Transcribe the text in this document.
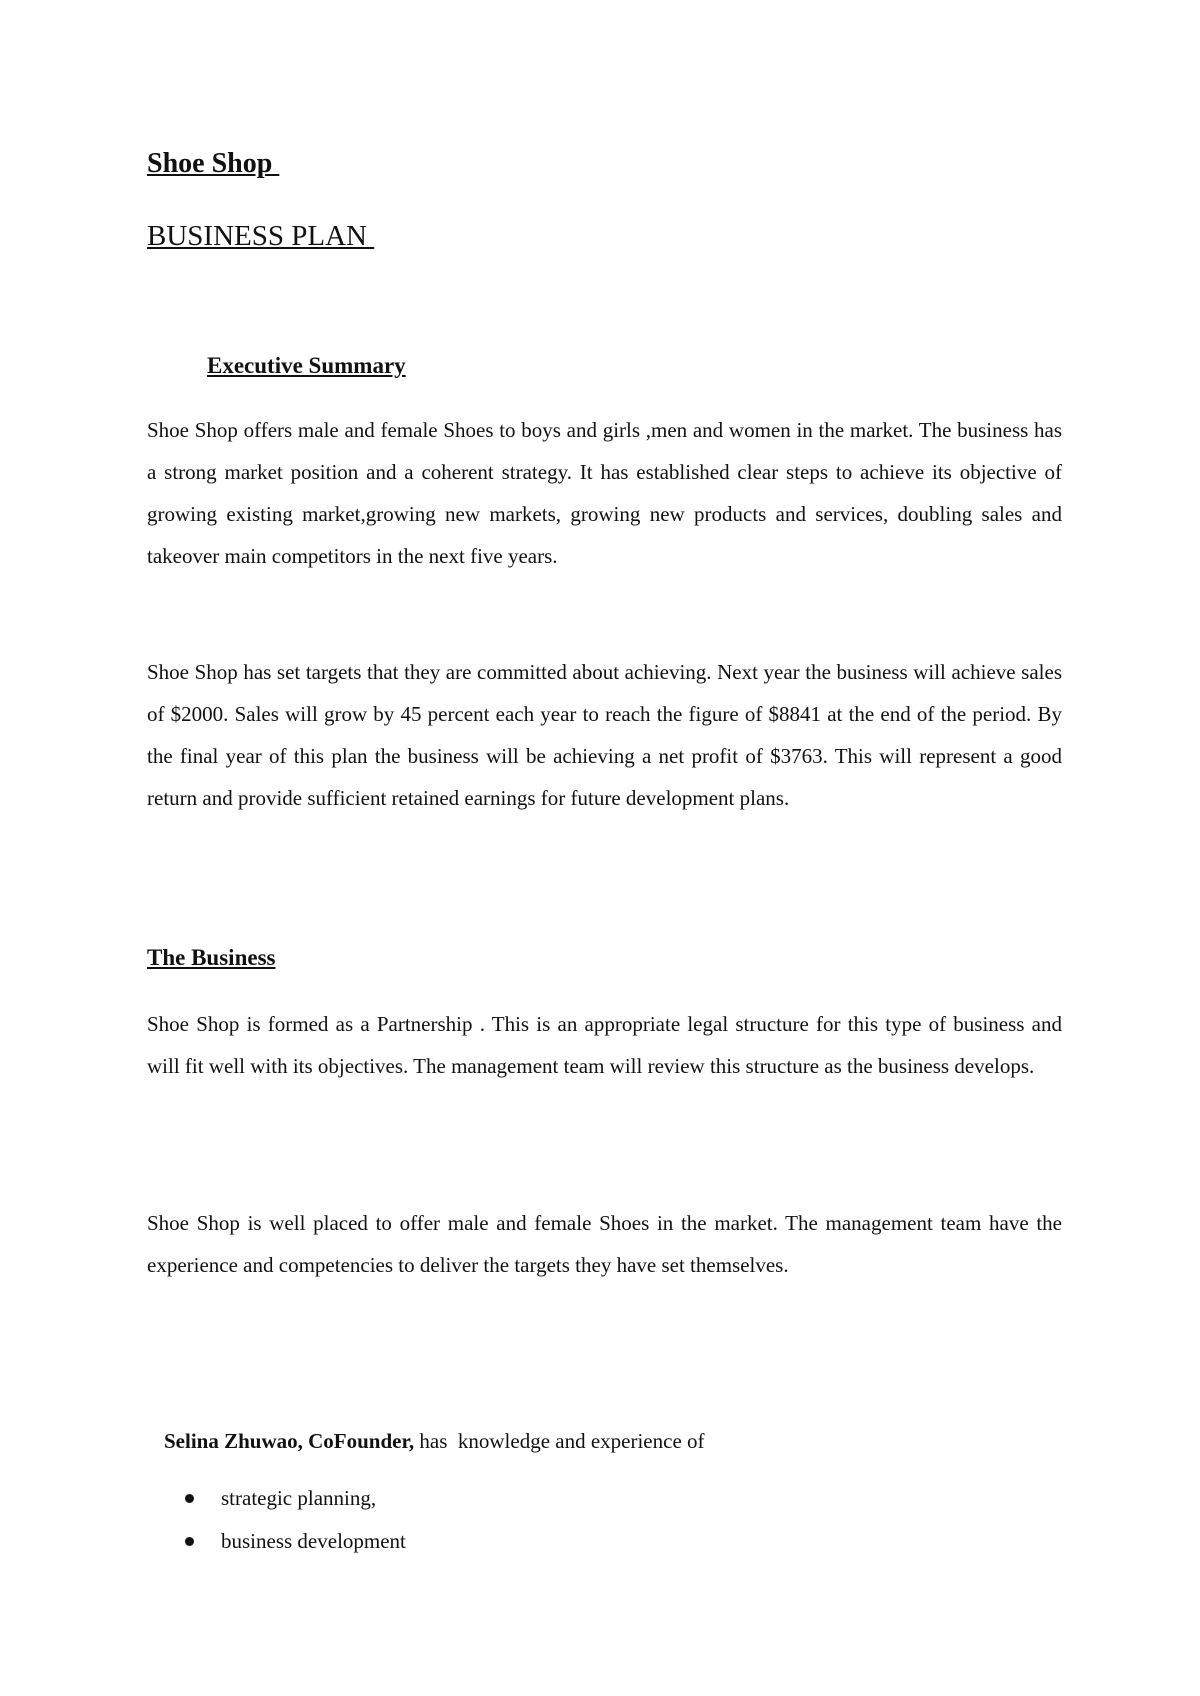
Shoe Shop
BUSINESS PLAN
Executive Summary

Shoe Shop offers male and female Shoes to boys and girls ,men and women in the market. The business has a strong market position and a coherent strategy. It has established clear steps to achieve its objective of growing existing market,growing new markets, growing new products and services, doubling sales and takeover main competitors in the next five years.

Shoe Shop has set targets that they are committed about achieving. Next year the business will achieve sales of $2000. Sales will grow by 45 percent each year to reach the figure of $8841 at the end of the period. By the final year of this plan the business will be achieving a net profit of $3763. This will represent a good return and provide sufficient retained earnings for future development plans.

The Business

Shoe Shop is formed as a Partnership . This is an appropriate legal structure for this type of business and will fit well with its objectives. The management team will review this structure as the business develops.

Shoe Shop is well placed to offer male and female Shoes in the market. The management team have the experience and competencies to deliver the targets they have set themselves.

Selina Zhuwao, CoFounder, has  knowledge and experience of

strategic planning,
business development
